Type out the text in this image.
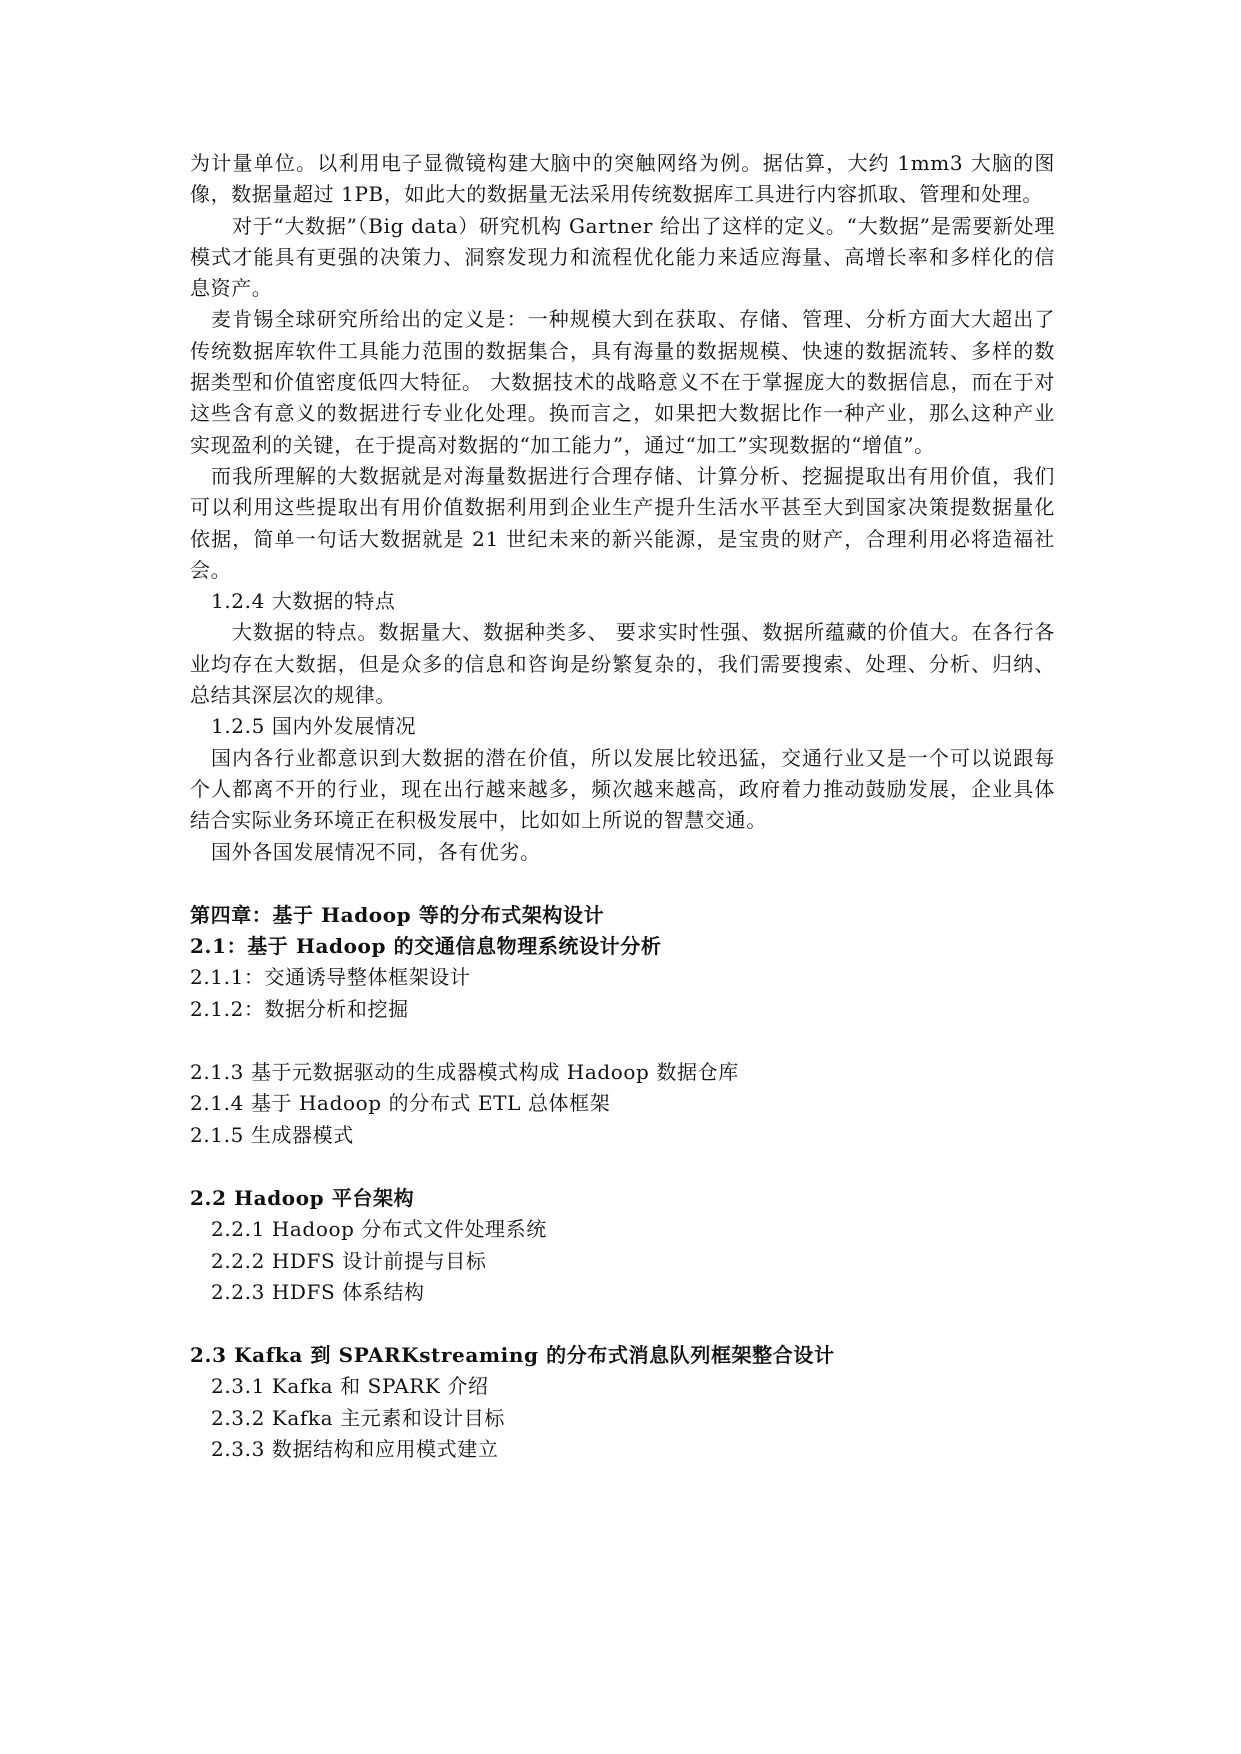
为计量单位。以利用电子显微镜构建大脑中的突触网络为例。据估算，大约 1mm3 大脑的图像，数据量超过 1PB，如此大的数据量无法采用传统数据库工具进行内容抓取、管理和处理。

对于“大数据”（Big data）研究机构 Gartner 给出了这样的定义。“大数据”是需要新处理模式才能具有更强的决策力、洞察发现力和流程优化能力来适应海量、高增长率和多样化的信息资产。

麦肯锡全球研究所给出的定义是：一种规模大到在获取、存储、管理、分析方面大大超出了传统数据库软件工具能力范围的数据集合，具有海量的数据规模、快速的数据流转、多样的数据类型和价值密度低四大特征。 大数据技术的战略意义不在于掌握庞大的数据信息，而在于对这些含有意义的数据进行专业化处理。换而言之，如果把大数据比作一种产业，那么这种产业实现盈利的关键，在于提高对数据的“加工能力”，通过“加工”实现数据的“增值”。

而我所理解的大数据就是对海量数据进行合理存储、计算分析、挖掘提取出有用价值，我们可以利用这些提取出有用价值数据利用到企业生产提升生活水平甚至大到国家决策提数据量化依据，简单一句话大数据就是 21 世纪未来的新兴能源，是宝贵的财产，合理利用必将造福社会。

1.2.4 大数据的特点

大数据的特点。数据量大、数据种类多、 要求实时性强、数据所蕴藏的价值大。在各行各业均存在大数据，但是众多的信息和咨询是纷繁复杂的，我们需要搜索、处理、分析、归纳、总结其深层次的规律。

1.2.5 国内外发展情况

国内各行业都意识到大数据的潜在价值，所以发展比较迅猛，交通行业又是一个可以说跟每个人都离不开的行业，现在出行越来越多，频次越来越高，政府着力推动鼓励发展，企业具体结合实际业务环境正在积极发展中，比如如上所说的智慧交通。

国外各国发展情况不同，各有优劣。

第四章：基于 Hadoop 等的分布式架构设计

2.1：基于 Hadoop 的交通信息物理系统设计分析

2.1.1：交通诱导整体框架设计

2.1.2：数据分析和挖掘

2.1.3 基于元数据驱动的生成器模式构成 Hadoop 数据仓库

2.1.4 基于 Hadoop 的分布式 ETL 总体框架

2.1.5 生成器模式

2.2 Hadoop 平台架构

2.2.1 Hadoop 分布式文件处理系统

2.2.2 HDFS 设计前提与目标

2.2.3 HDFS 体系结构

2.3 Kafka 到 SPARKstreaming 的分布式消息队列框架整合设计

2.3.1 Kafka 和 SPARK 介绍

2.3.2 Kafka 主元素和设计目标

2.3.3 数据结构和应用模式建立
